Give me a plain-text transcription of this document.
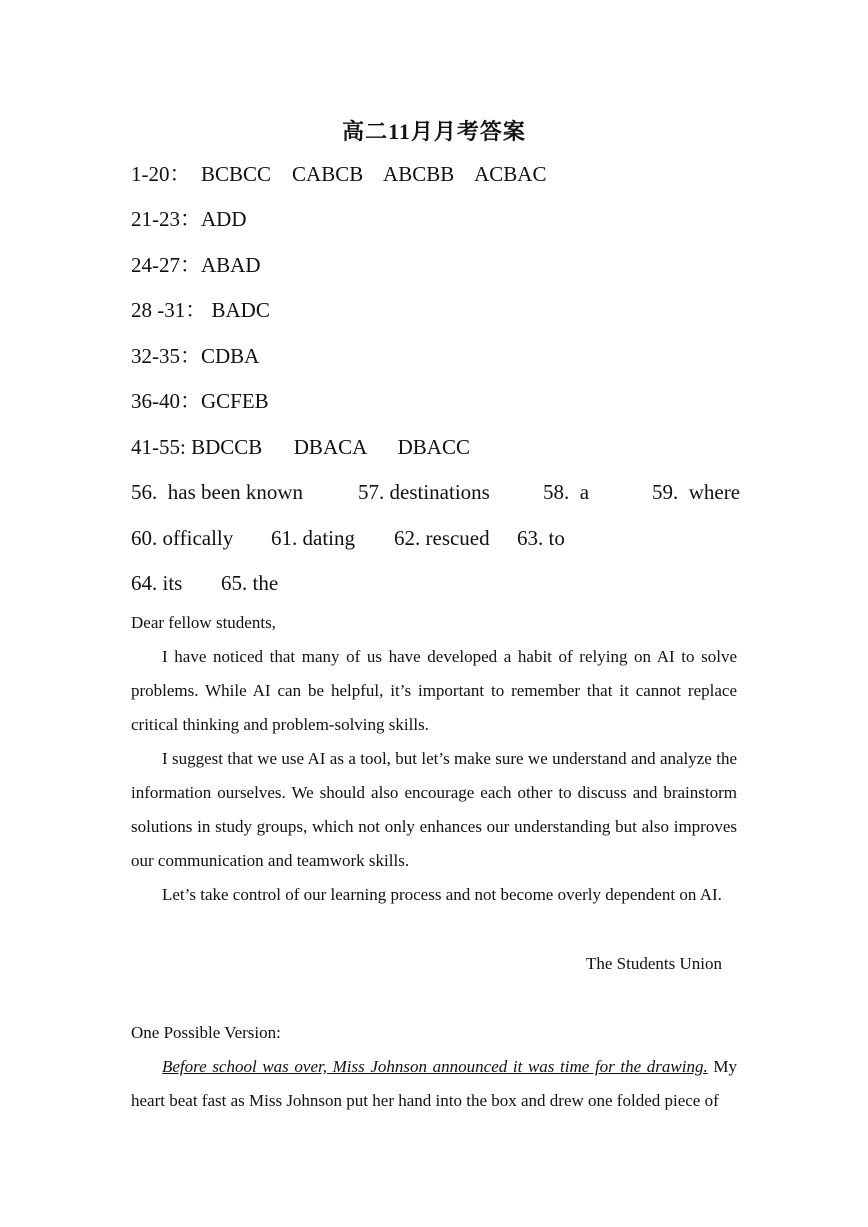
高二11月月考答案
1-20：  BCBCC    CABCB    ABCBB    ACBAC
21-23：ADD
24-27：ABAD
28 -31： BADC
32-35：CDBA
36-40：GCFEB
41-55: BDCCB      DBACA      DBACC

56.  has been known

	57. destinations

	58.  a

	59.  where

60. offically

61. dating

62. rescued

63. to

64. its

65. the

Dear fellow students,

I have noticed that many of us have developed a habit of relying on AI to solve problems. While AI can be helpful, it’s important to remember that it cannot replace critical thinking and problem-solving skills.

I suggest that we use AI as a tool, but let’s make sure we understand and analyze the information ourselves. We should also encourage each other to discuss and brainstorm solutions in study groups, which not only enhances our understanding but also improves our communication and teamwork skills.

Let’s take control of our learning process and not become overly dependent on AI.

The Students Union

One Possible Version:

Before school was over, Miss Johnson announced it was time for the drawing. My heart beat fast as Miss Johnson put her hand into the box and drew one folded piece of
